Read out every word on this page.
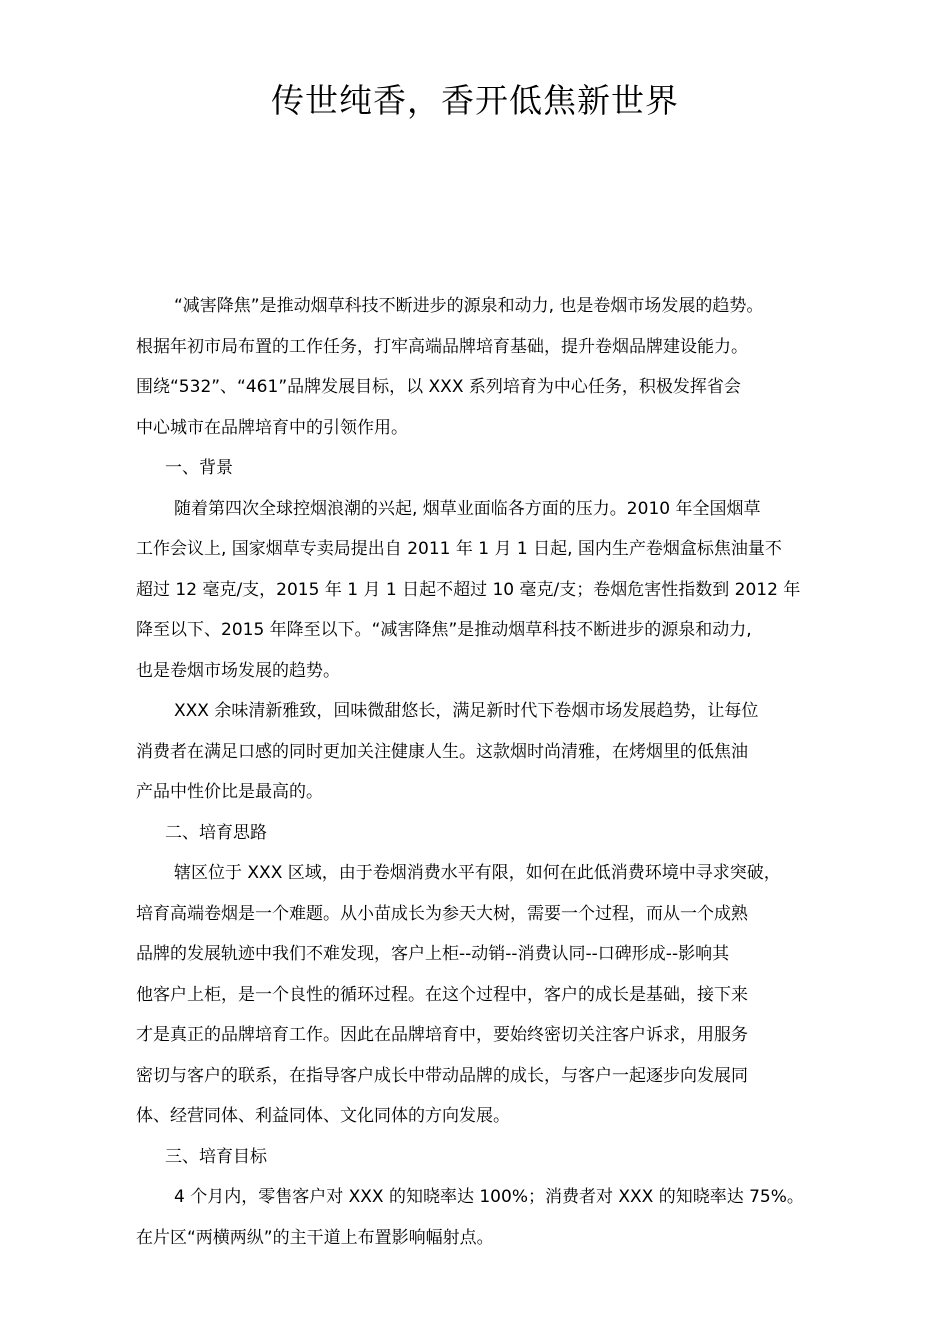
传世纯香，香开低焦新世界
“减害降焦”是推动烟草科技不断进步的源泉和动力, 也是卷烟市场发展的趋势。
根据年初市局布置的工作任务，打牢高端品牌培育基础，提升卷烟品牌建设能力。
围绕“532”、“461”品牌发展目标，以 XXX 系列培育为中心任务，积极发挥省会
中心城市在品牌培育中的引领作用。
一、背景
随着第四次全球控烟浪潮的兴起, 烟草业面临各方面的压力。2010 年全国烟草
工作会议上, 国家烟草专卖局提出自 2011 年 1 月 1 日起, 国内生产卷烟盒标焦油量不
超过 12 毫克/支，2015 年 1 月 1 日起不超过 10 毫克/支；卷烟危害性指数到 2012 年
降至以下、2015 年降至以下。“减害降焦”是推动烟草科技不断进步的源泉和动力,
也是卷烟市场发展的趋势。
XXX 余味清新雅致，回味微甜悠长，满足新时代下卷烟市场发展趋势，让每位
消费者在满足口感的同时更加关注健康人生。这款烟时尚清雅，在烤烟里的低焦油
产品中性价比是最高的。
二、培育思路
辖区位于 XXX 区域，由于卷烟消费水平有限，如何在此低消费环境中寻求突破，
培育高端卷烟是一个难题。从小苗成长为参天大树，需要一个过程，而从一个成熟
品牌的发展轨迹中我们不难发现，客户上柜--动销--消费认同--口碑形成--影响其
他客户上柜，是一个良性的循环过程。在这个过程中，客户的成长是基础，接下来
才是真正的品牌培育工作。因此在品牌培育中，要始终密切关注客户诉求，用服务
密切与客户的联系，在指导客户成长中带动品牌的成长，与客户一起逐步向发展同
体、经营同体、利益同体、文化同体的方向发展。
三、培育目标
4 个月内，零售客户对 XXX 的知晓率达 100%；消费者对 XXX 的知晓率达 75%。
在片区“两横两纵”的主干道上布置影响幅射点。
